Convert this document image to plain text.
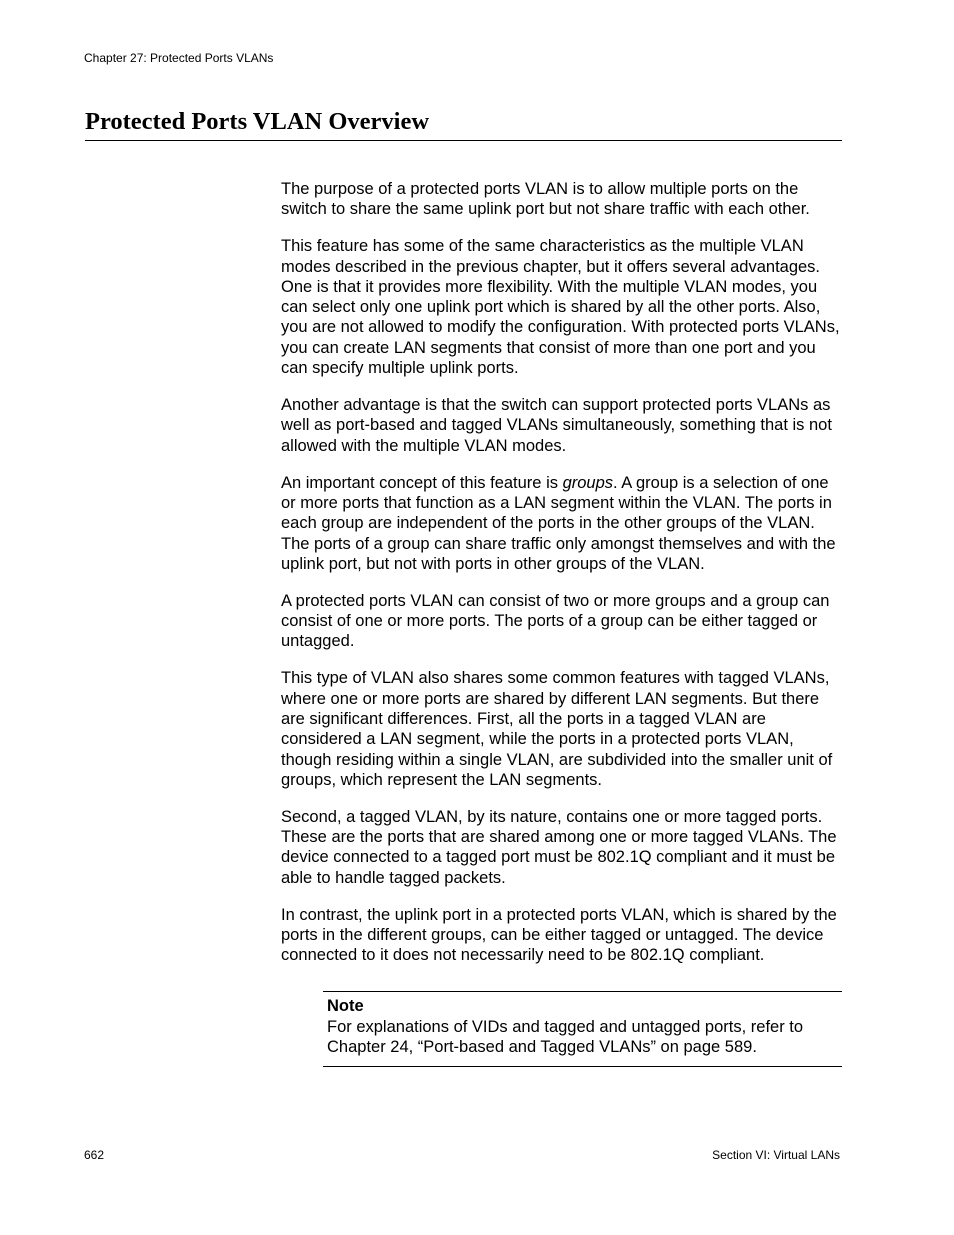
Chapter 27: Protected Ports VLANs
Protected Ports VLAN Overview

The purpose of a protected ports VLAN is to allow multiple ports on the switch to share the same uplink port but not share traffic with each other.

This feature has some of the same characteristics as the multiple VLAN modes described in the previous chapter, but it offers several advantages. One is that it provides more flexibility. With the multiple VLAN modes, you can select only one uplink port which is shared by all the other ports. Also, you are not allowed to modify the configuration. With protected ports VLANs, you can create LAN segments that consist of more than one port and you can specify multiple uplink ports.

Another advantage is that the switch can support protected ports VLANs as well as port-based and tagged VLANs simultaneously, something that is not allowed with the multiple VLAN modes.

An important concept of this feature is groups. A group is a selection of one or more ports that function as a LAN segment within the VLAN. The ports in each group are independent of the ports in the other groups of the VLAN. The ports of a group can share traffic only amongst themselves and with the uplink port, but not with ports in other groups of the VLAN.

A protected ports VLAN can consist of two or more groups and a group can consist of one or more ports. The ports of a group can be either tagged or untagged.

This type of VLAN also shares some common features with tagged VLANs, where one or more ports are shared by different LAN segments. But there are significant differences. First, all the ports in a tagged VLAN are considered a LAN segment, while the ports in a protected ports VLAN, though residing within a single VLAN, are subdivided into the smaller unit of groups, which represent the LAN segments.

Second, a tagged VLAN, by its nature, contains one or more tagged ports. These are the ports that are shared among one or more tagged VLANs. The device connected to a tagged port must be 802.1Q compliant and it must be able to handle tagged packets.

In contrast, the uplink port in a protected ports VLAN, which is shared by the ports in the different groups, can be either tagged or untagged. The device connected to it does not necessarily need to be 802.1Q compliant.

Note
For explanations of VIDs and tagged and untagged ports, refer to Chapter 24, “Port-based and Tagged VLANs” on page 589.
662	Section VI: Virtual LANs
